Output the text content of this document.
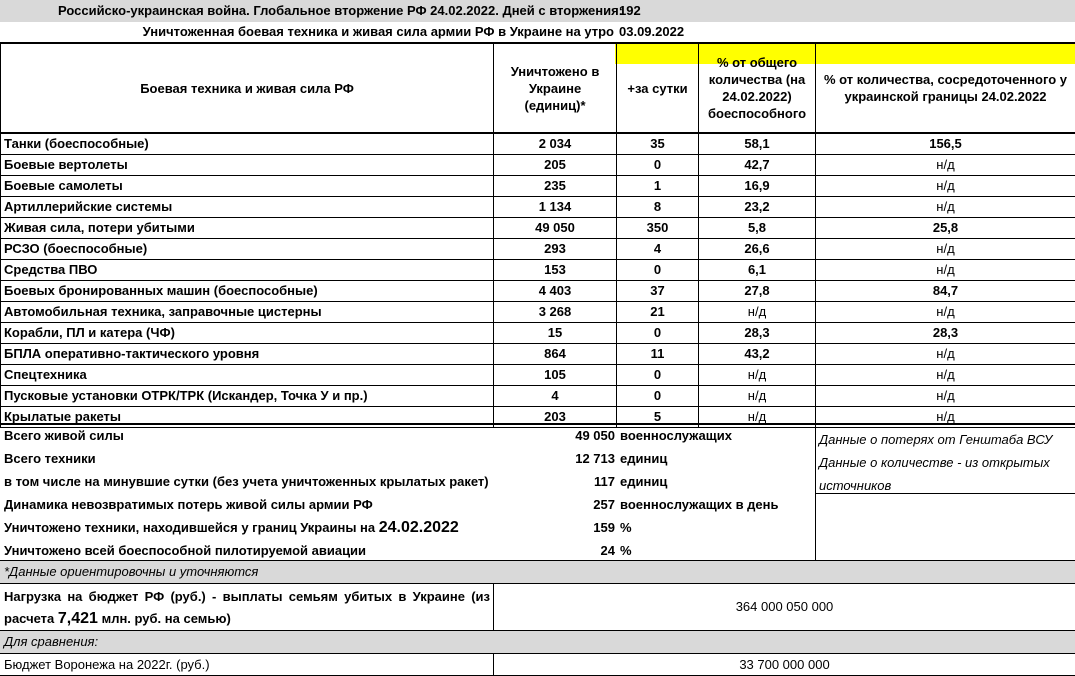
Российско-украинская война. Глобальное вторжение РФ 24.02.2022. Дней с вторжения:
192
Уничтоженная боевая техника и живая сила армии РФ в Украине на утро 03.09.2022
Боевая техника и живая сила РФ	Уничтожено в Украине (единиц)*	+за сутки	% от общего количества (на 24.02.2022) боеспособного	% от количества, сосредоточенного у украинской границы 24.02.2022
Танки (боеспособные)	2 034	35	58,1	156,5
Боевые вертолеты	205	0	42,7	н/д
Боевые самолеты	235	1	16,9	н/д
Артиллерийские системы	1 134	8	23,2	н/д
Живая сила, потери убитыми	49 050	350	5,8	25,8
РСЗО (боеспособные)	293	4	26,6	н/д
Средства ПВО	153	0	6,1	н/д
Боевых бронированных машин (боеспособные)	4 403	37	27,8	84,7
Автомобильная техника, заправочные цистерны	3 268	21	н/д	н/д
Корабли, ПЛ и катера (ЧФ)	15	0	28,3	28,3
БПЛА оперативно-тактического уровня	864	11	43,2	н/д
Спецтехника	105	0	н/д	н/д
Пусковые установки ОТРК/ТРК (Искандер, Точка У и пр.)	4	0	н/д	н/д
Крылатые ракеты	203	5	н/д	н/д
Всего живой силы	49 050 военнослужащих
Всего техники	12 713 единиц
в том числе на минувшие сутки (без учета уничтоженных крылатых ракет)	117 единиц
Динамика невозвратимых потерь живой силы армии РФ	257 военнослужащих в день
Уничтожено техники, находившейся у границ Украины на 24.02.2022	159 %
Уничтожено всей боеспособной пилотируемой авиации	24 %
Данные о потерях от Генштаба ВСУ
Данные о количестве - из открытых источников
*Данные ориентировочны и уточняются
Нагрузка на бюджет РФ (руб.) - выплаты семьям убитых в Украине (из расчета 7,421 млн. руб. на семью)
364 000 050 000
Для сравнения:
Бюджет Воронежа на 2022г. (руб.)	33 700 000 000
